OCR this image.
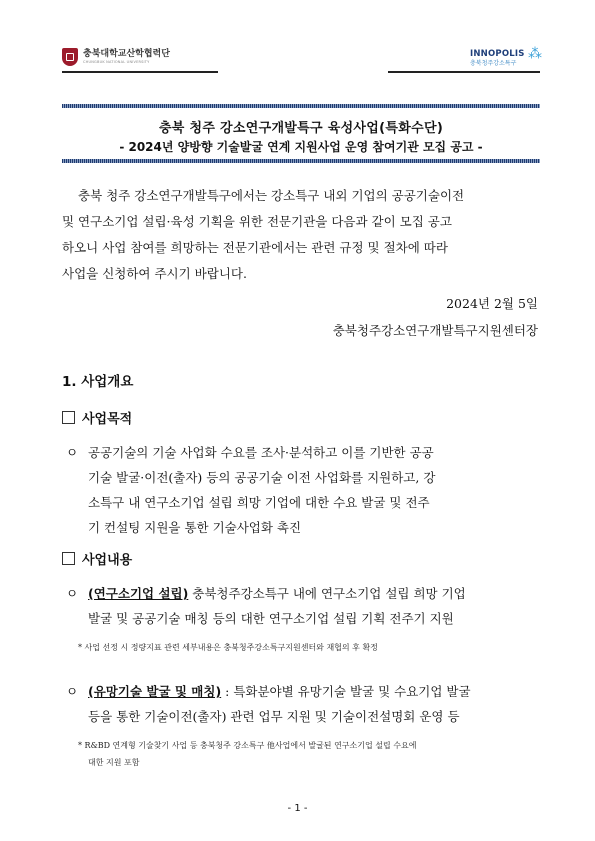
충북대학교산학협력단
CHUNGBUK NATIONAL UNIVERSITY
INNOPOLIS
충북청주강소특구
⁂
충북 청주 강소연구개발특구 육성사업(특화수단)
- 2024년 양방향 기술발굴 연계 지원사업 운영 참여기관 모집 공고 -
충북 청주 강소연구개발특구에서는 강소특구 내외 기업의 공공기술이전
및 연구소기업 설립·육성 기획을 위한 전문기관을 다음과 같이 모집 공고
하오니 사업 참여를 희망하는 전문기관에서는 관련 규정 및 절차에 따라
사업을 신청하여 주시기 바랍니다.
2024년 2월 5일
충북청주강소연구개발특구지원센터장
1. 사업개요
사업목적
ㅇ 공공기술의 기술 사업화 수요를 조사·분석하고 이를 기반한 공공
기술 발굴·이전(출자) 등의 공공기술 이전 사업화를 지원하고, 강
소특구 내 연구소기업 설립 희망 기업에 대한 수요 발굴 및 전주
기 컨설팅 지원을 통한 기술사업화 촉진
사업내용
ㅇ (연구소기업 설립) 충북청주강소특구 내에 연구소기업 설립 희망 기업
발굴 및 공공기술 매칭 등의 대한 연구소기업 설립 기획 전주기 지원
* 사업 선정 시 정량지표 관련 세부내용은 충북청주강소특구지원센터와 재협의 후 확정
ㅇ (유망기술 발굴 및 매칭) : 특화분야별 유망기술 발굴 및 수요기업 발굴
등을 통한 기술이전(출자) 관련 업무 지원 및 기술이전설명회 운영 등
* R&BD 연계형 기술찾기 사업 등 충북청주 강소특구 他사업에서 발굴된 연구소기업 설립 수요에
대한 지원 포함
- 1 -
